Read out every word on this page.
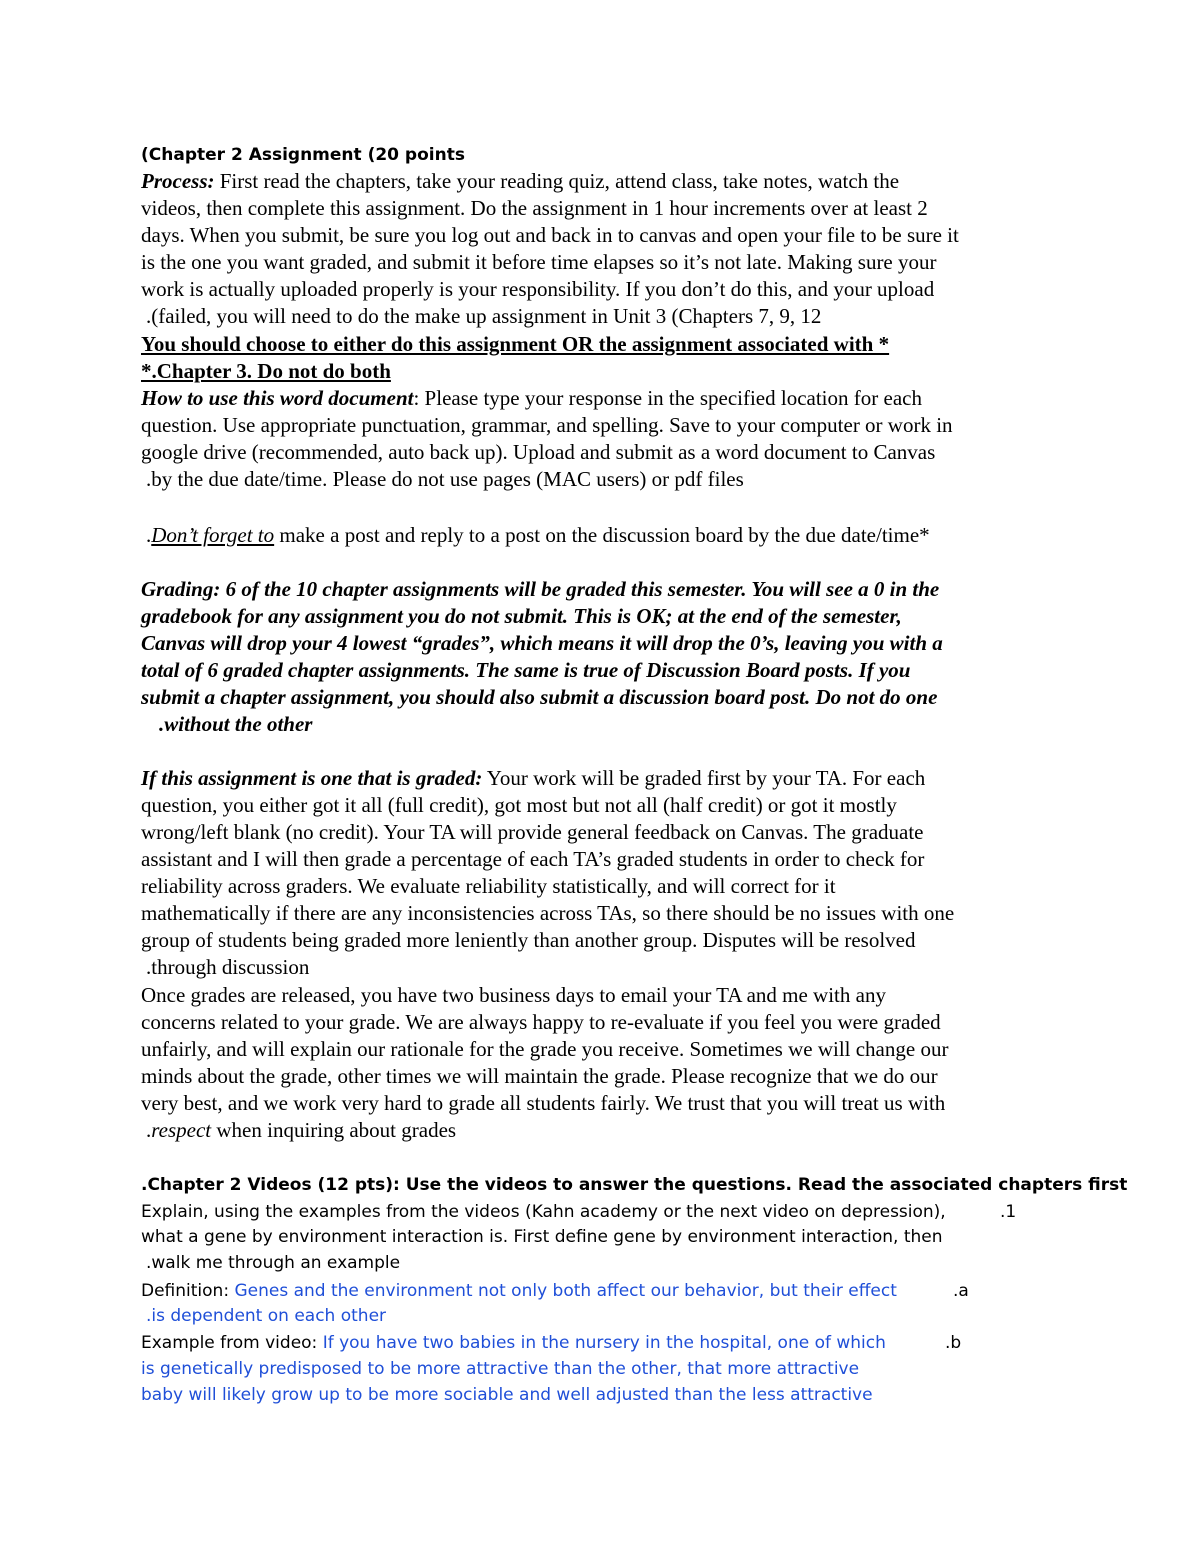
(Chapter 2 Assignment (20 points
Process: First read the chapters, take your reading quiz, attend class, take notes, watch the
videos, then complete this assignment. Do the assignment in 1 hour increments over at least 2
days. When you submit, be sure you log out and back in to canvas and open your file to be sure it
is the one you want graded, and submit it before time elapses so it’s not late. Making sure your
work is actually uploaded properly is your responsibility. If you don’t do this, and your upload
.(failed, you will need to do the make up assignment in Unit 3 (Chapters 7, 9, 12
You should choose to either do this assignment OR the assignment associated with *
*.Chapter 3. Do not do both
How to use this word document: Please type your response in the specified location for each
question. Use appropriate punctuation, grammar, and spelling. Save to your computer or work in
google drive (recommended, auto back up). Upload and submit as a word document to Canvas
.by the due date/time. Please do not use pages (MAC users) or pdf files
.Don’t forget to make a post and reply to a post on the discussion board by the due date/time*
Grading: 6 of the 10 chapter assignments will be graded this semester. You will see a 0 in the
gradebook for any assignment you do not submit. This is OK; at the end of the semester,
Canvas will drop your 4 lowest “grades”, which means it will drop the 0’s, leaving you with a
total of 6 graded chapter assignments. The same is true of Discussion Board posts. If you
submit a chapter assignment, you should also submit a discussion board post. Do not do one
.without the other
If this assignment is one that is graded: Your work will be graded first by your TA. For each
question, you either got it all (full credit), got most but not all (half credit) or got it mostly
wrong/left blank (no credit). Your TA will provide general feedback on Canvas. The graduate
assistant and I will then grade a percentage of each TA’s graded students in order to check for
reliability across graders. We evaluate reliability statistically, and will correct for it
mathematically if there are any inconsistencies across TAs, so there should be no issues with one
group of students being graded more leniently than another group. Disputes will be resolved
.through discussion
Once grades are released, you have two business days to email your TA and me with any
concerns related to your grade. We are always happy to re-evaluate if you feel you were graded
unfairly, and will explain our rationale for the grade you receive. Sometimes we will change our
minds about the grade, other times we will maintain the grade. Please recognize that we do our
very best, and we work very hard to grade all students fairly. We trust that you will treat us with
.respect when inquiring about grades
.Chapter 2 Videos (12 pts): Use the videos to answer the questions. Read the associated chapters first
Explain, using the examples from the videos (Kahn academy or the next video on depression),	.1
what a gene by environment interaction is. First define gene by environment interaction, then
.walk me through an example
Definition: Genes and the environment not only both affect our behavior, but their effect	.a
.is dependent on each other
Example from video: If you have two babies in the nursery in the hospital, one of which	.b
is genetically predisposed to be more attractive than the other, that more attractive
baby will likely grow up to be more sociable and well adjusted than the less attractive
